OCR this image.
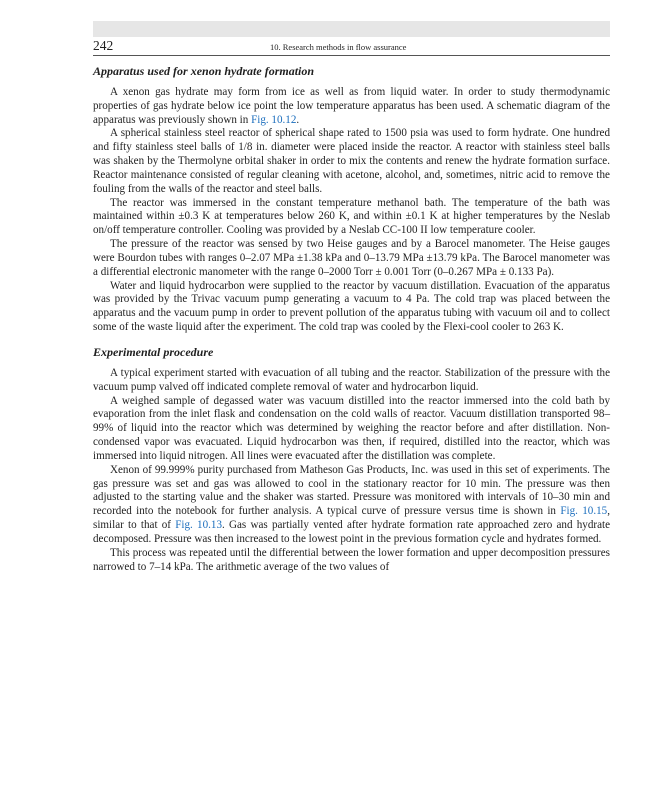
242	10. Research methods in flow assurance
Apparatus used for xenon hydrate formation

A xenon gas hydrate may form from ice as well as from liquid water. In order to study thermodynamic properties of gas hydrate below ice point the low temperature apparatus has been used. A schematic diagram of the apparatus was previously shown in Fig. 10.12.

A spherical stainless steel reactor of spherical shape rated to 1500 psia was used to form hydrate. One hundred and fifty stainless steel balls of 1/8 in. diameter were placed inside the reactor. A reactor with stainless steel balls was shaken by the Thermolyne orbital shaker in order to mix the contents and renew the hydrate formation surface. Reactor maintenance consisted of regular cleaning with acetone, alcohol, and, sometimes, nitric acid to remove the fouling from the walls of the reactor and steel balls.

The reactor was immersed in the constant temperature methanol bath. The temperature of the bath was maintained within ±0.3 K at temperatures below 260 K, and within ±0.1 K at higher temperatures by the Neslab on/off temperature controller. Cooling was provided by a Neslab CC-100 II low temperature cooler.

The pressure of the reactor was sensed by two Heise gauges and by a Barocel manometer. The Heise gauges were Bourdon tubes with ranges 0–2.07 MPa ±1.38 kPa and 0–13.79 MPa ±13.79 kPa. The Barocel manometer was a differential electronic manometer with the range 0–2000 Torr ± 0.001 Torr (0–0.267 MPa ± 0.133 Pa).

Water and liquid hydrocarbon were supplied to the reactor by vacuum distillation. Evacuation of the apparatus was provided by the Trivac vacuum pump generating a vacuum to 4 Pa. The cold trap was placed between the apparatus and the vacuum pump in order to prevent pollution of the apparatus tubing with vacuum oil and to collect some of the waste liquid after the experiment. The cold trap was cooled by the Flexi-cool cooler to 263 K.

Experimental procedure

A typical experiment started with evacuation of all tubing and the reactor. Stabilization of the pressure with the vacuum pump valved off indicated complete removal of water and hydrocarbon liquid.

A weighed sample of degassed water was vacuum distilled into the reactor immersed into the cold bath by evaporation from the inlet flask and condensation on the cold walls of reactor. Vacuum distillation transported 98–99% of liquid into the reactor which was determined by weighing the reactor before and after distillation. Non-condensed vapor was evacuated. Liquid hydrocarbon was then, if required, distilled into the reactor, which was immersed into liquid nitrogen. All lines were evacuated after the distillation was complete.

Xenon of 99.999% purity purchased from Matheson Gas Products, Inc. was used in this set of experiments. The gas pressure was set and gas was allowed to cool in the stationary reactor for 10 min. The pressure was then adjusted to the starting value and the shaker was started. Pressure was monitored with intervals of 10–30 min and recorded into the notebook for further analysis. A typical curve of pressure versus time is shown in Fig. 10.15, similar to that of Fig. 10.13. Gas was partially vented after hydrate formation rate approached zero and hydrate decomposed. Pressure was then increased to the lowest point in the previous formation cycle and hydrates formed.

This process was repeated until the differential between the lower formation and upper decomposition pressures narrowed to 7–14 kPa. The arithmetic average of the two values of
